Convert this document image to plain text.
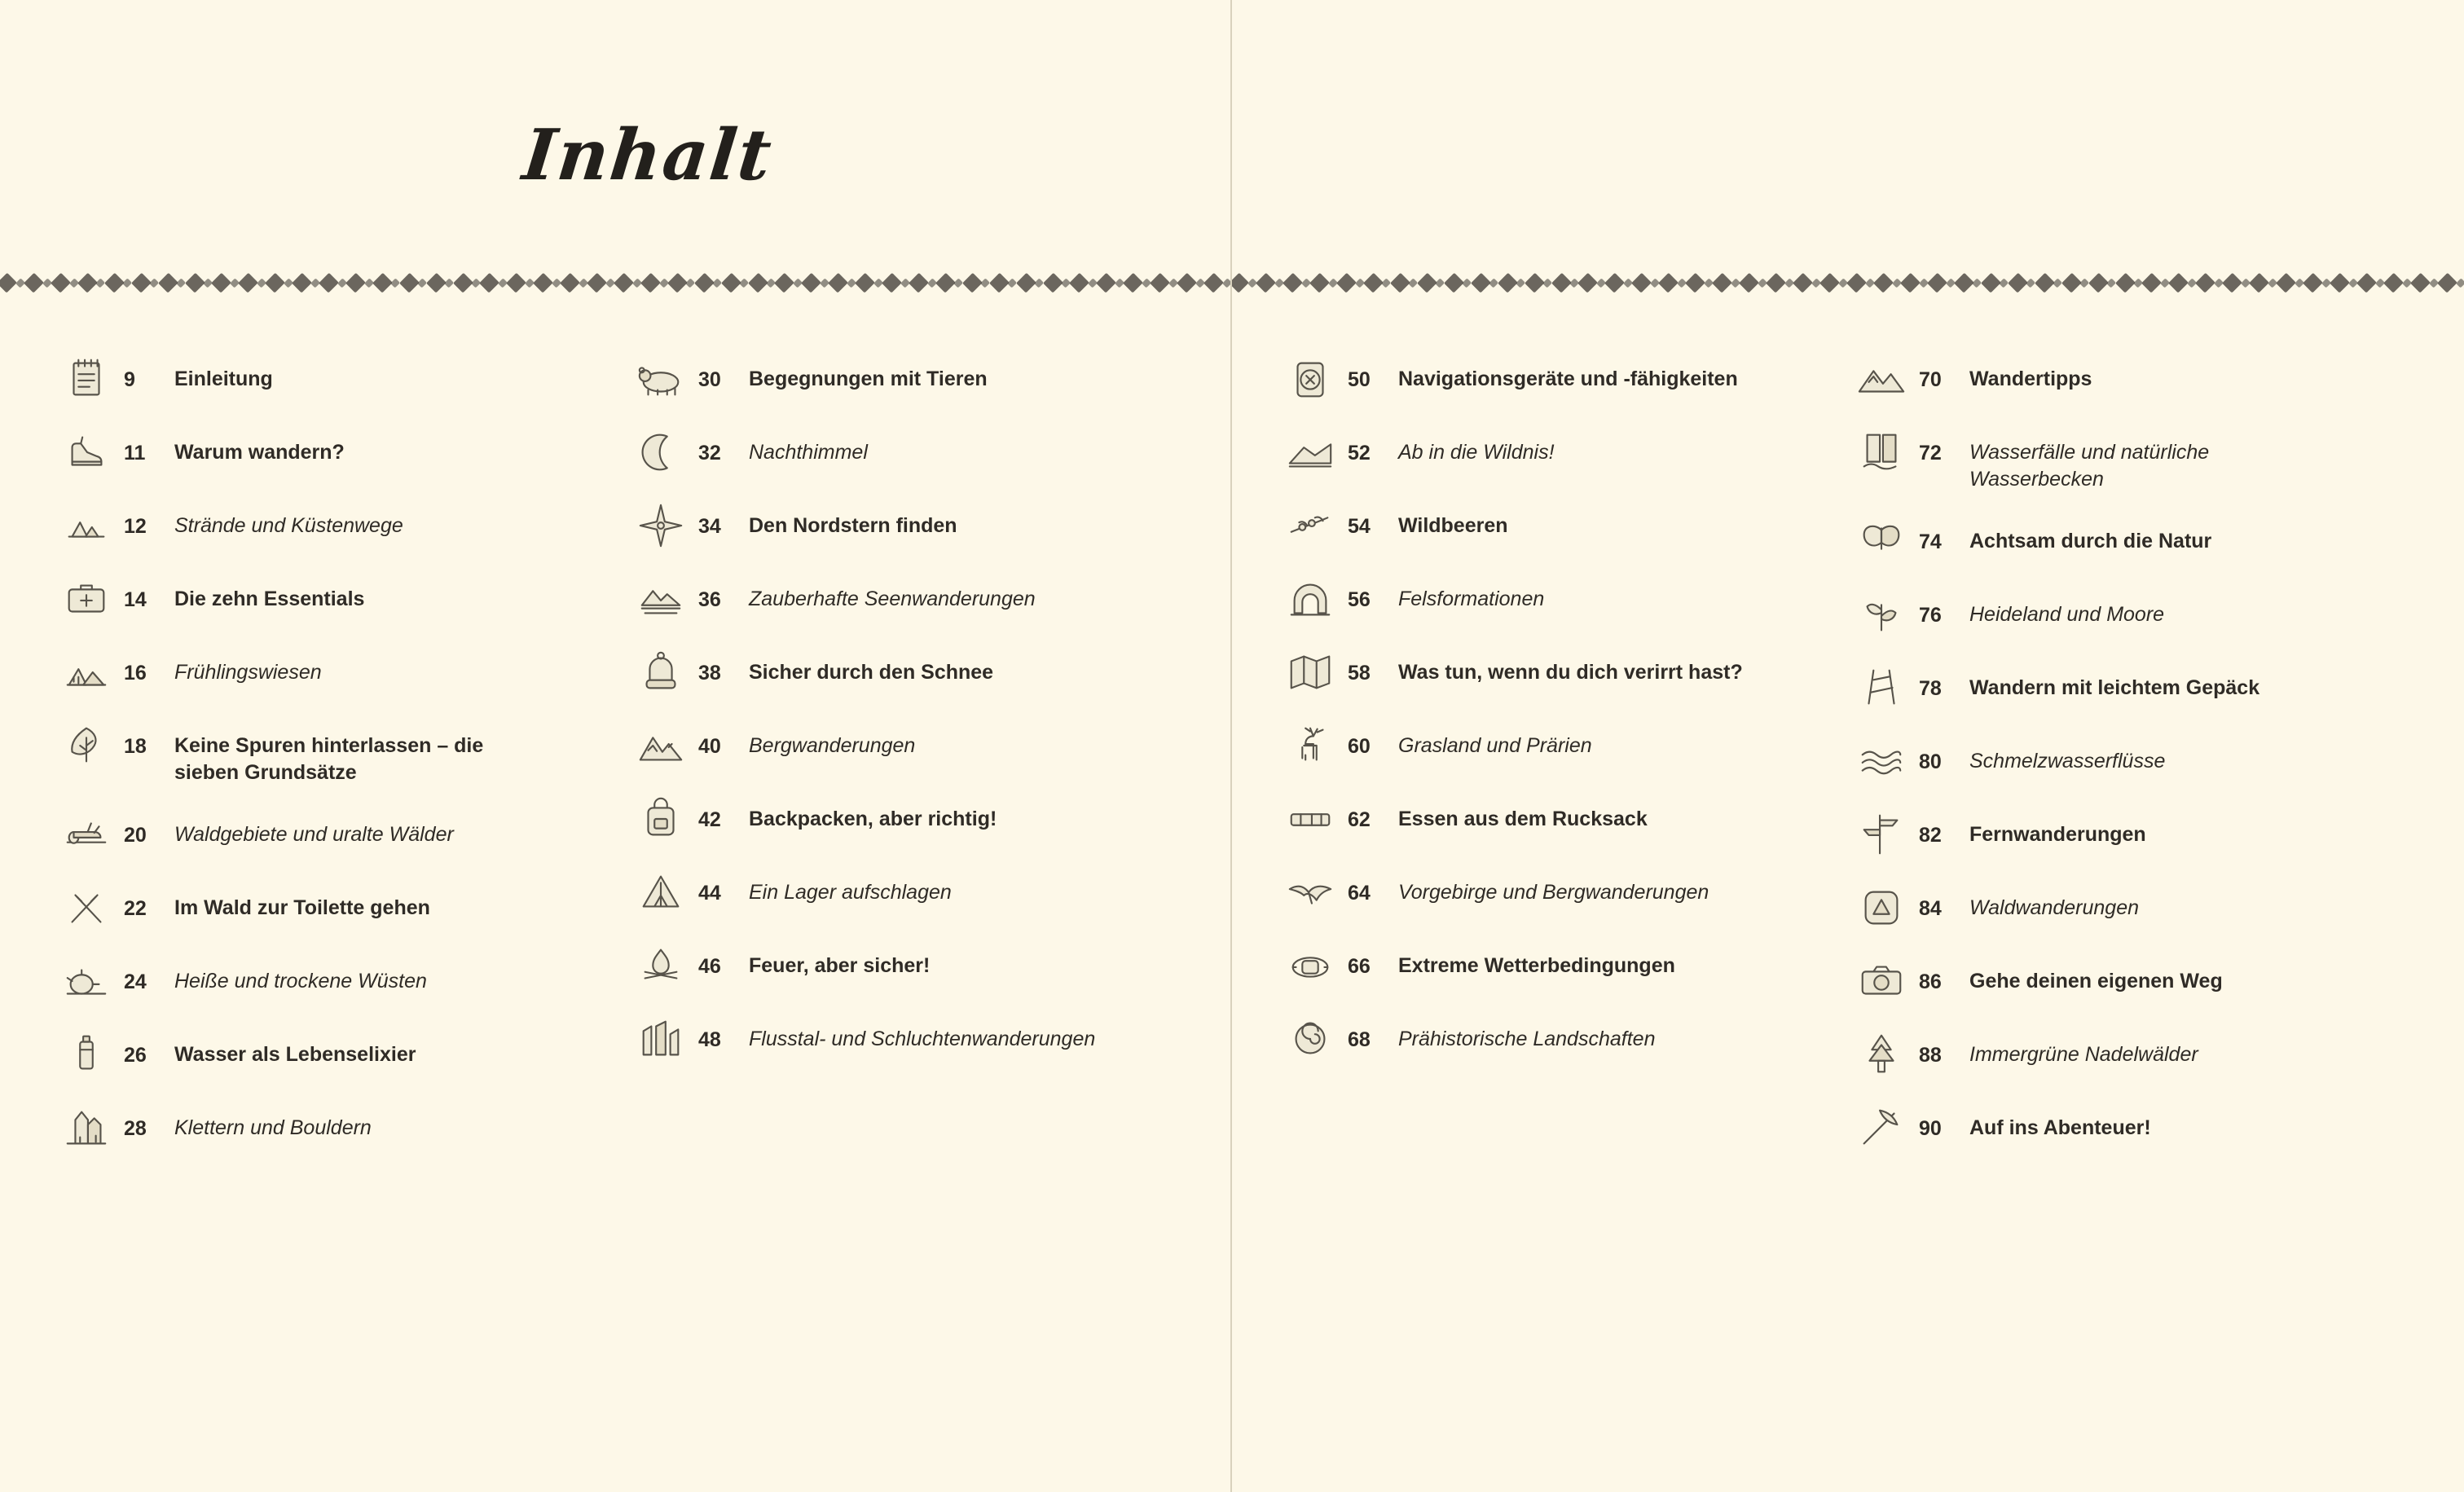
Inhalt
9	Einleitung
11	Warum wandern?
12	Strände und Küstenwege
14	Die zehn Essentials
16	Frühlingswiesen
18	Keine Spuren hinterlassen – die sieben Grundsätze
20	Waldgebiete und uralte Wälder
22	Im Wald zur Toilette gehen
24	Heiße und trockene Wüsten
26	Wasser als Lebenselixier
28	Klettern und Bouldern
30	Begegnungen mit Tieren
32	Nachthimmel
34	Den Nordstern finden
36	Zauberhafte Seenwanderungen
38	Sicher durch den Schnee
40	Bergwanderungen
42	Backpacken, aber richtig!
44	Ein Lager aufschlagen
46	Feuer, aber sicher!
48	Flusstal- und Schluchtenwanderungen
50	Navigationsgeräte und -fähigkeiten
52	Ab in die Wildnis!
54	Wildbeeren
56	Felsformationen
58	Was tun, wenn du dich verirrt hast?
60	Grasland und Prärien
62	Essen aus dem Rucksack
64	Vorgebirge und Bergwanderungen
66	Extreme Wetterbedingungen
68	Prähistorische Landschaften
70	Wandertipps
72	Wasserfälle und natürliche Wasserbecken
74	Achtsam durch die Natur
76	Heideland und Moore
78	Wandern mit leichtem Gepäck
80	Schmelzwasserflüsse
82	Fernwanderungen
84	Waldwanderungen
86	Gehe deinen eigenen Weg
88	Immergrüne Nadelwälder
90	Auf ins Abenteuer!
